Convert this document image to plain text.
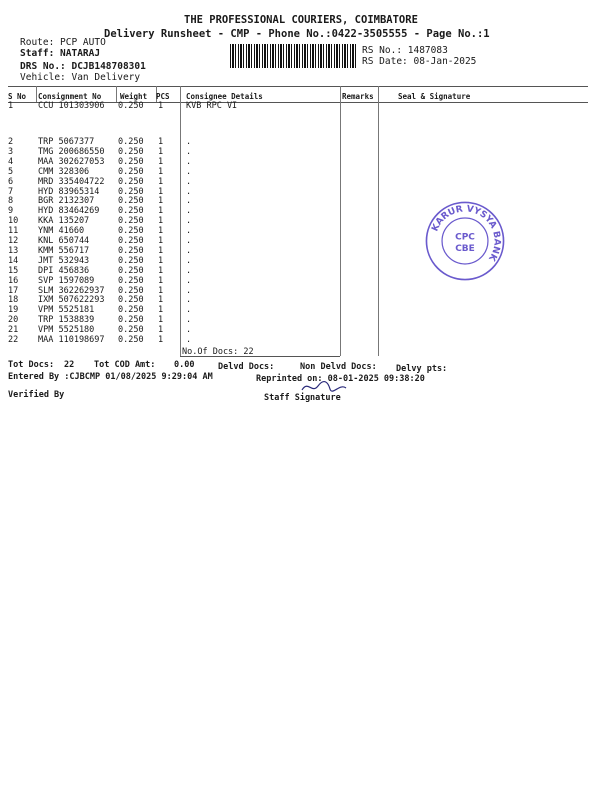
THE PROFESSIONAL COURIERS, COIMBATORE
Delivery Runsheet - CMP - Phone No.:0422-3505555 - Page No.:1
Route: PCP AUTO
Staff: NATARAJ
DRS No.: DCJB148708301
Vehicle: Van Delivery
RS No.: 1487083
RS Date: 08-Jan-2025
S No Consignment No	Weight PCS Consignee Details	Remarks	Seal & Signature
1	CCU 101303906 0.250 1	KVB RPC VI
2	TRP 5067377	0.250 1	.
3	TMG 200686550 0.250 1	.
4	MAA 302627053 0.250 1	.
5	CMM 328306	0.250 1	.
6	MRD 335404722 0.250 1	.
7	HYD 83965314 0.250 1	.
8	BGR 2132307	0.250 1	.
9	HYD 83464269 0.250 1	.
10 KKA 135207	0.250 1	.
11 YNM 41660	0.250 1	.
12 KNL 650744	0.250 1	.
13 KMM 556717	0.250 1	.
14 JMT 532943	0.250 1	.
15 DPI 456836	0.250 1	.
16 SVP 1597089	0.250 1	.
17 SLM 362262937 0.250 1	.
18 IXM 507622293 0.250 1	.
19 VPM 5525181	0.250 1	.
20 TRP 1538839	0.250 1	.
21 VPM 5525180	0.250 1	.
22 MAA 110198697 0.250 1	.
No.Of Docs: 22
KARUR VYSYA BANK
CPC
CBE
Tot Docs: 22 Tot COD Amt: 0.00	Delvd Docs:	Non Delvd Docs: Delvy pts:
Entered By :CJBCMP 01/08/2025 9:29:04 AM	Reprinted on: 08-01-2025 09:38:20
Verified By	Staff Signature
